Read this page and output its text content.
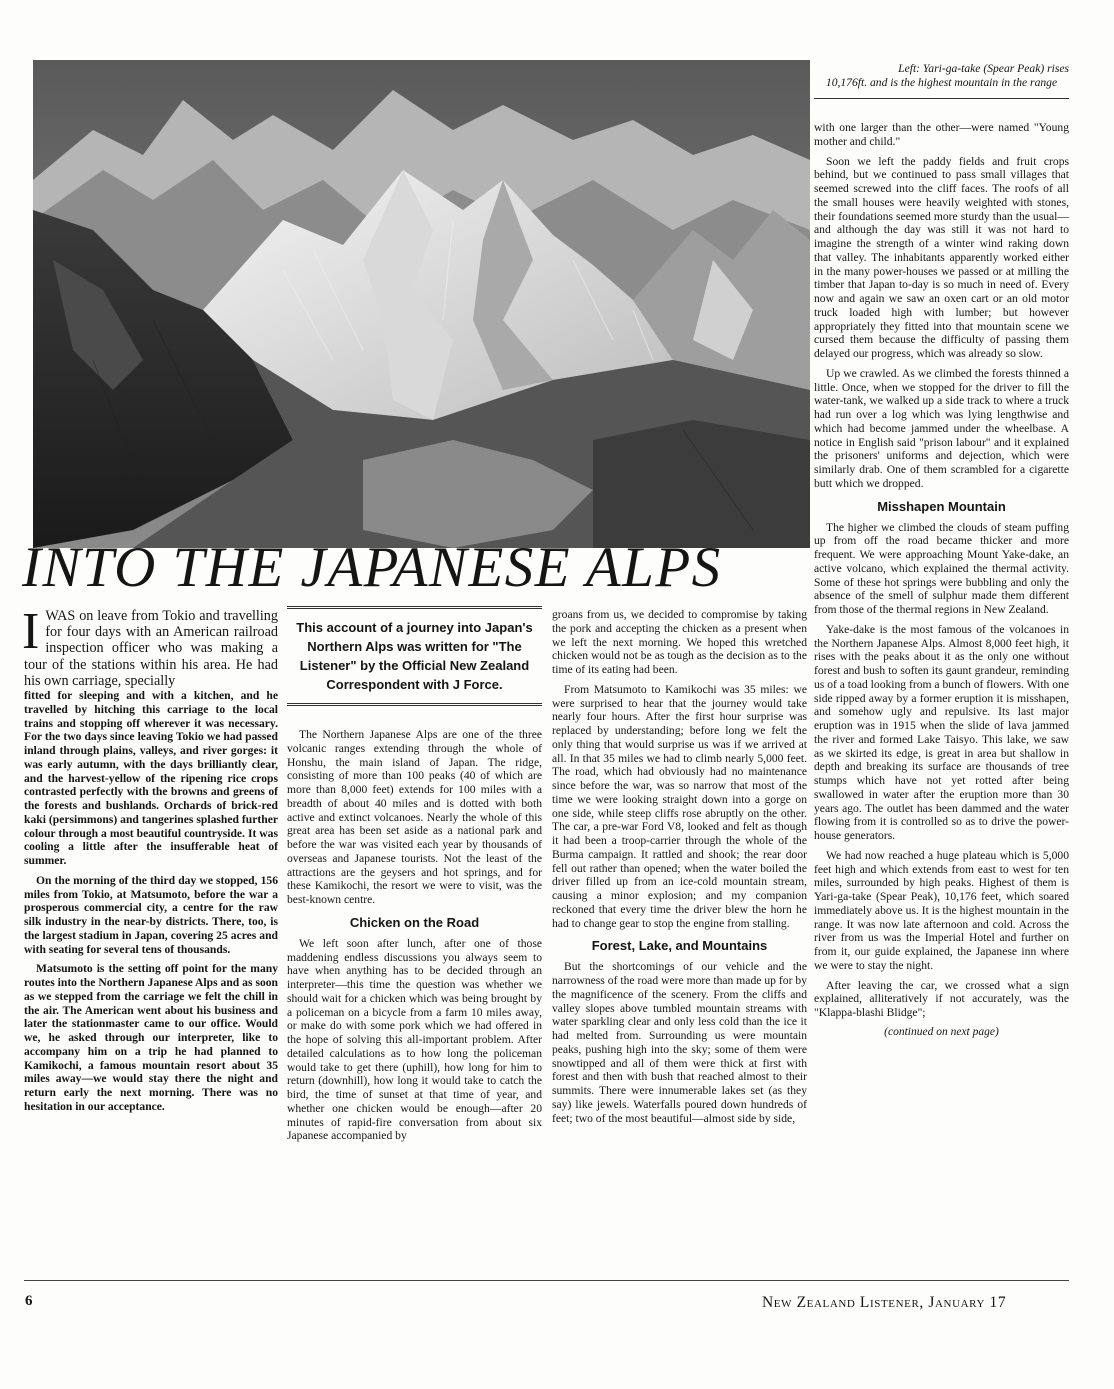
Left: Yari-ga-take (Spear Peak) rises
10,176ft. and is the highest mountain in the range
INTO THE JAPANESE ALPS

IWAS on leave from Tokio and travelling for four days with an American railroad inspection officer who was making a tour of the stations within his area. He had his own carriage, specially

fitted for sleeping and with a kitchen, and he travelled by hitching this carriage to the local trains and stopping off wherever it was necessary. For the two days since leaving Tokio we had passed inland through plains, valleys, and river gorges: it was early autumn, with the days brilliantly clear, and the harvest-yellow of the ripening rice crops contrasted perfectly with the browns and greens of the forests and bushlands. Orchards of brick-red kaki (persimmons) and tangerines splashed further colour through a most beautiful countryside. It was cooling a little after the insufferable heat of summer.

On the morning of the third day we stopped, 156 miles from Tokio, at Matsumoto, before the war a prosperous commercial city, a centre for the raw silk industry in the near-by districts. There, too, is the largest stadium in Japan, covering 25 acres and with seating for several tens of thousands.

Matsumoto is the setting off point for the many routes into the Northern Japanese Alps and as soon as we stepped from the carriage we felt the chill in the air. The American went about his business and later the stationmaster came to our office. Would we, he asked through our interpreter, like to accompany him on a trip he had planned to Kamikochi, a famous mountain resort about 35 miles away—we would stay there the night and return early the next morning. There was no hesitation in our acceptance.

This account of a journey into Japan's Northern Alps was written for "The Listener" by the Official New Zealand Correspondent with J Force.

The Northern Japanese Alps are one of the three volcanic ranges extending through the whole of Honshu, the main island of Japan. The ridge, consisting of more than 100 peaks (40 of which are more than 8,000 feet) extends for 100 miles with a breadth of about 40 miles and is dotted with both active and extinct volcanoes. Nearly the whole of this great area has been set aside as a national park and before the war was visited each year by thousands of overseas and Japanese tourists. Not the least of the attractions are the geysers and hot springs, and for these Kamikochi, the resort we were to visit, was the best-known centre.

Chicken on the Road

We left soon after lunch, after one of those maddening endless discussions you always seem to have when anything has to be decided through an interpreter—this time the question was whether we should wait for a chicken which was being brought by a policeman on a bicycle from a farm 10 miles away, or make do with some pork which we had offered in the hope of solving this all-important problem. After detailed calculations as to how long the policeman would take to get there (uphill), how long for him to return (downhill), how long it would take to catch the bird, the time of sunset at that time of year, and whether one chicken would be enough—after 20 minutes of rapid-fire conversation from about six Japanese accompanied by

groans from us, we decided to compromise by taking the pork and accepting the chicken as a present when we left the next morning. We hoped this wretched chicken would not be as tough as the decision as to the time of its eating had been.

From Matsumoto to Kamikochi was 35 miles: we were surprised to hear that the journey would take nearly four hours. After the first hour surprise was replaced by understanding; before long we felt the only thing that would surprise us was if we arrived at all. In that 35 miles we had to climb nearly 5,000 feet. The road, which had obviously had no maintenance since before the war, was so narrow that most of the time we were looking straight down into a gorge on one side, while steep cliffs rose abruptly on the other. The car, a pre-war Ford V8, looked and felt as though it had been a troop-carrier through the whole of the Burma campaign. It rattled and shook; the rear door fell out rather than opened; when the water boiled the driver filled up from an ice-cold mountain stream, causing a minor explosion; and my companion reckoned that every time the driver blew the horn he had to change gear to stop the engine from stalling.

Forest, Lake, and Mountains

But the shortcomings of our vehicle and the narrowness of the road were more than made up for by the magnificence of the scenery. From the cliffs and valley slopes above tumbled mountain streams with water sparkling clear and only less cold than the ice it had melted from. Surrounding us were mountain peaks, pushing high into the sky; some of them were snowtipped and all of them were thick at first with forest and then with bush that reached almost to their summits. There were innumerable lakes set (as they say) like jewels. Waterfalls poured down hundreds of feet; two of the most beautiful—almost side by side,

with one larger than the other—were named "Young mother and child."

Soon we left the paddy fields and fruit crops behind, but we continued to pass small villages that seemed screwed into the cliff faces. The roofs of all the small houses were heavily weighted with stones, their foundations seemed more sturdy than the usual—and although the day was still it was not hard to imagine the strength of a winter wind raking down that valley. The inhabitants apparently worked either in the many power-houses we passed or at milling the timber that Japan to-day is so much in need of. Every now and again we saw an oxen cart or an old motor truck loaded high with lumber; but however appropriately they fitted into that mountain scene we cursed them because the difficulty of passing them delayed our progress, which was already so slow.

Up we crawled. As we climbed the forests thinned a little. Once, when we stopped for the driver to fill the water-tank, we walked up a side track to where a truck had run over a log which was lying lengthwise and which had become jammed under the wheelbase. A notice in English said "prison labour" and it explained the prisoners' uniforms and dejection, which were similarly drab. One of them scrambled for a cigarette butt which we dropped.

Misshapen Mountain

The higher we climbed the clouds of steam puffing up from off the road became thicker and more frequent. We were approaching Mount Yake-dake, an active volcano, which explained the thermal activity. Some of these hot springs were bubbling and only the absence of the smell of sulphur made them different from those of the thermal regions in New Zealand.

Yake-dake is the most famous of the volcanoes in the Northern Japanese Alps. Almost 8,000 feet high, it rises with the peaks about it as the only one without forest and bush to soften its gaunt grandeur, reminding us of a toad looking from a bunch of flowers. With one side ripped away by a former eruption it is misshapen, and somehow ugly and repulsive. Its last major eruption was in 1915 when the slide of lava jammed the river and formed Lake Taisyo. This lake, we saw as we skirted its edge, is great in area but shallow in depth and breaking its surface are thousands of tree stumps which have not yet rotted after being swallowed in water after the eruption more than 30 years ago. The outlet has been dammed and the water flowing from it is controlled so as to drive the power-house generators.

We had now reached a huge plateau which is 5,000 feet high and which extends from east to west for ten miles, surrounded by high peaks. Highest of them is Yari-ga-take (Spear Peak), 10,176 feet, which soared immediately above us. It is the highest mountain in the range. It was now late afternoon and cold. Across the river from us was the Imperial Hotel and further on from it, our guide explained, the Japanese inn where we were to stay the night.

After leaving the car, we crossed what a sign explained, alliteratively if not accurately, was the "Klappa-blashi Blidge";

(continued on next page)
6	New Zealand Listener, January 17
